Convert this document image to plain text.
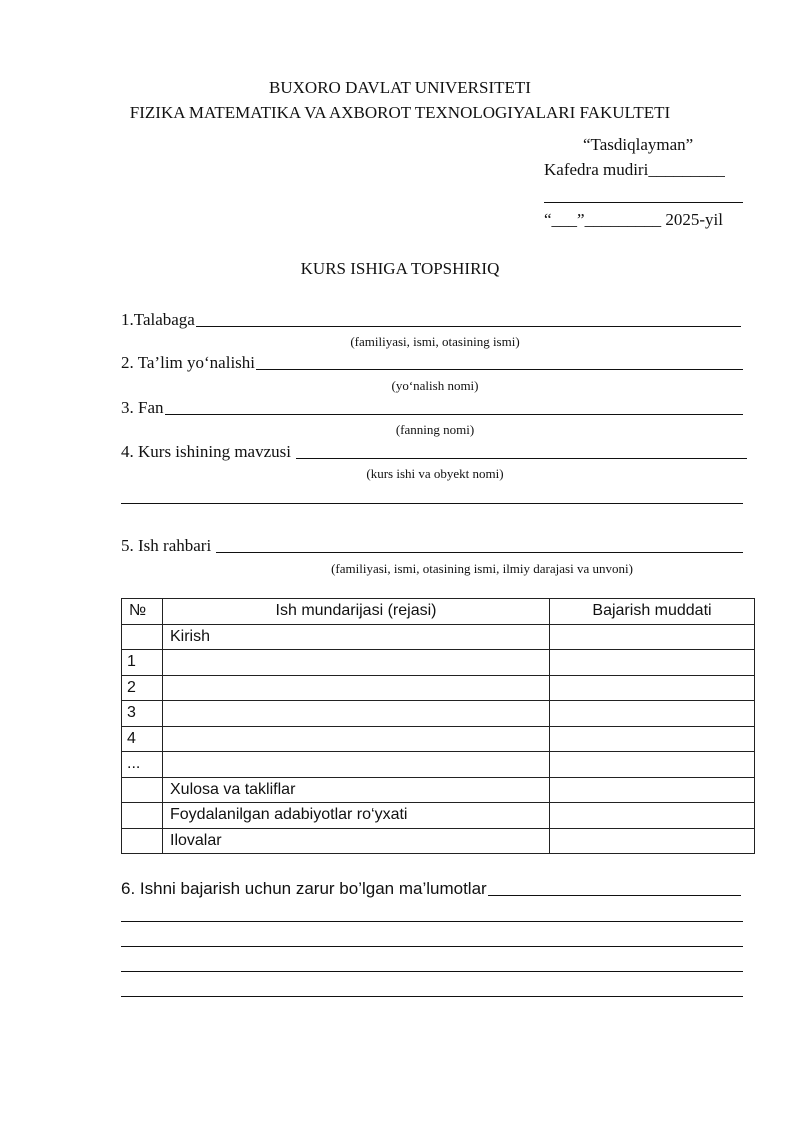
BUXORO DAVLAT UNIVERSITETI
FIZIKA MATEMATIKA VA AXBOROT TEXNOLOGIYALARI FAKULTETI
“Tasdiqlayman”
Kafedra mudiri_________
“___”_________ 2025-yil
KURS ISHIGA TOPSHIRIQ
1.Talabaga
(familiyasi, ismi, otasining ismi)
2. Ta’lim yo‘nalishi
(yo‘nalish nomi)
3. Fan
(fanning nomi)
4. Kurs ishining mavzusi
(kurs ishi va obyekt nomi)
5. Ish rahbari
(familiyasi, ismi, otasining ismi, ilmiy darajasi va unvoni)
№	Ish mundarijasi (rejasi)	Bajarish muddati
	Kirish	
1		
2		
3		
4		
...		
	Xulosa va takliflar	
	Foydalanilgan adabiyotlar ro‘yxati	
	Ilovalar	
6. Ishni bajarish uchun zarur bo’lgan ma’lumotlar
